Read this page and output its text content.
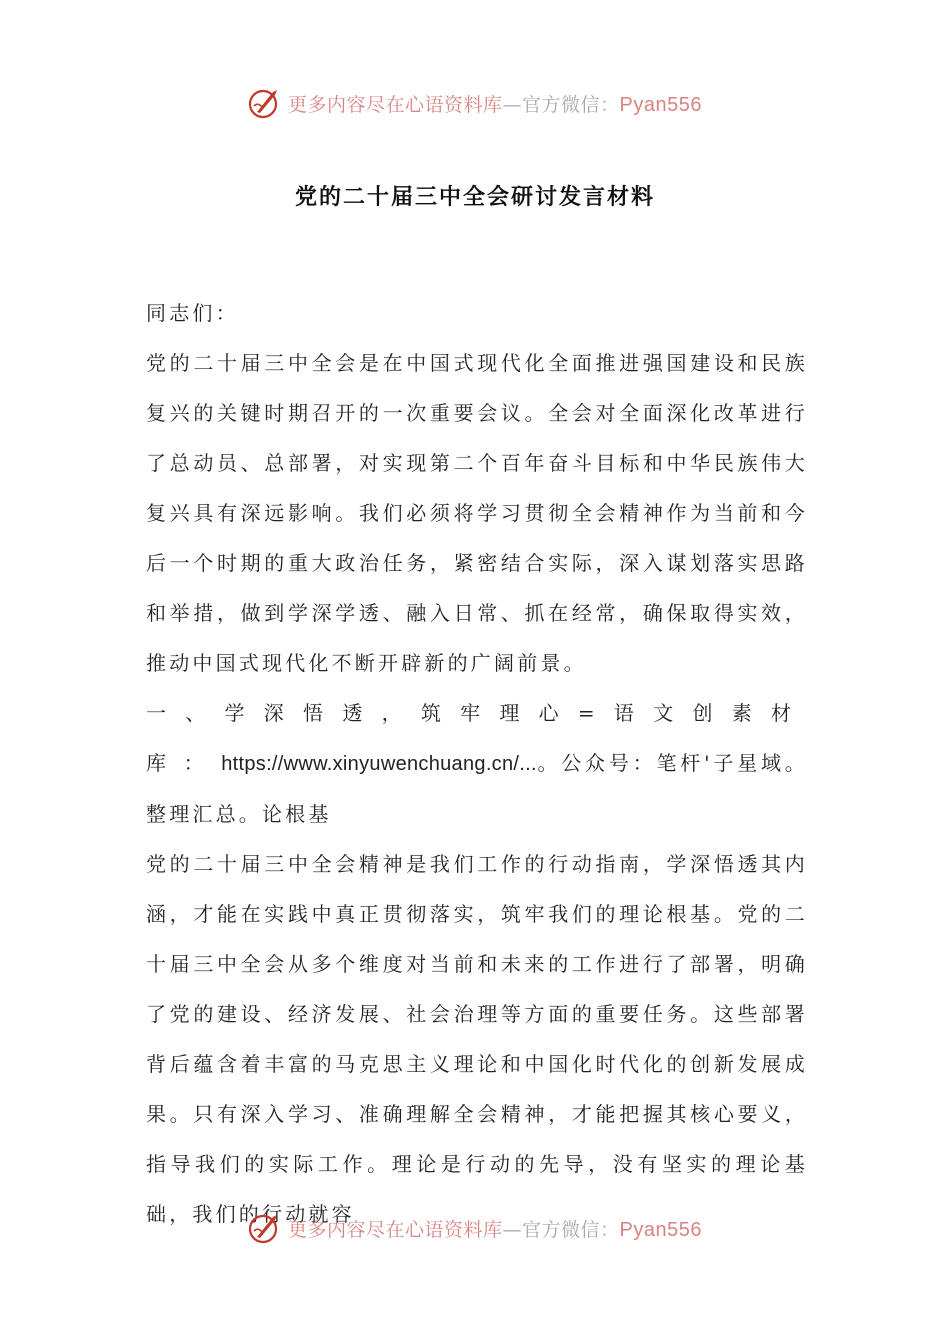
更多内容尽在心语资料库—官方微信：Pyan556
党的二十届三中全会研讨发言材料

同志们：

党的二十届三中全会是在中国式现代化全面推进强国建设和民族复兴的关键时期召开的一次重要会议。全会对全面深化改革进行了总动员、总部署，对实现第二个百年奋斗目标和中华民族伟大复兴具有深远影响。我们必须将学习贯彻全会精神作为当前和今后一个时期的重大政治任务，紧密结合实际，深入谋划落实思路和举措，做到学深学透、融入日常、抓在经常，确保取得实效，推动中国式现代化不断开辟新的广阔前景。

一、学深悟透，筑牢理心=语文创素材库：https://www.xinyuwenchuang.cn/...。公众号：笔杆'子星域。整理汇总。论根基

党的二十届三中全会精神是我们工作的行动指南，学深悟透其内涵，才能在实践中真正贯彻落实，筑牢我们的理论根基。党的二十届三中全会从多个维度对当前和未来的工作进行了部署，明确了党的建设、经济发展、社会治理等方面的重要任务。这些部署背后蕴含着丰富的马克思主义理论和中国化时代化的创新发展成果。只有深入学习、准确理解全会精神，才能把握其核心要义，指导我们的实际工作。理论是行动的先导，没有坚实的理论基础，我们的行动就容

更多内容尽在心语资料库—官方微信：Pyan556
